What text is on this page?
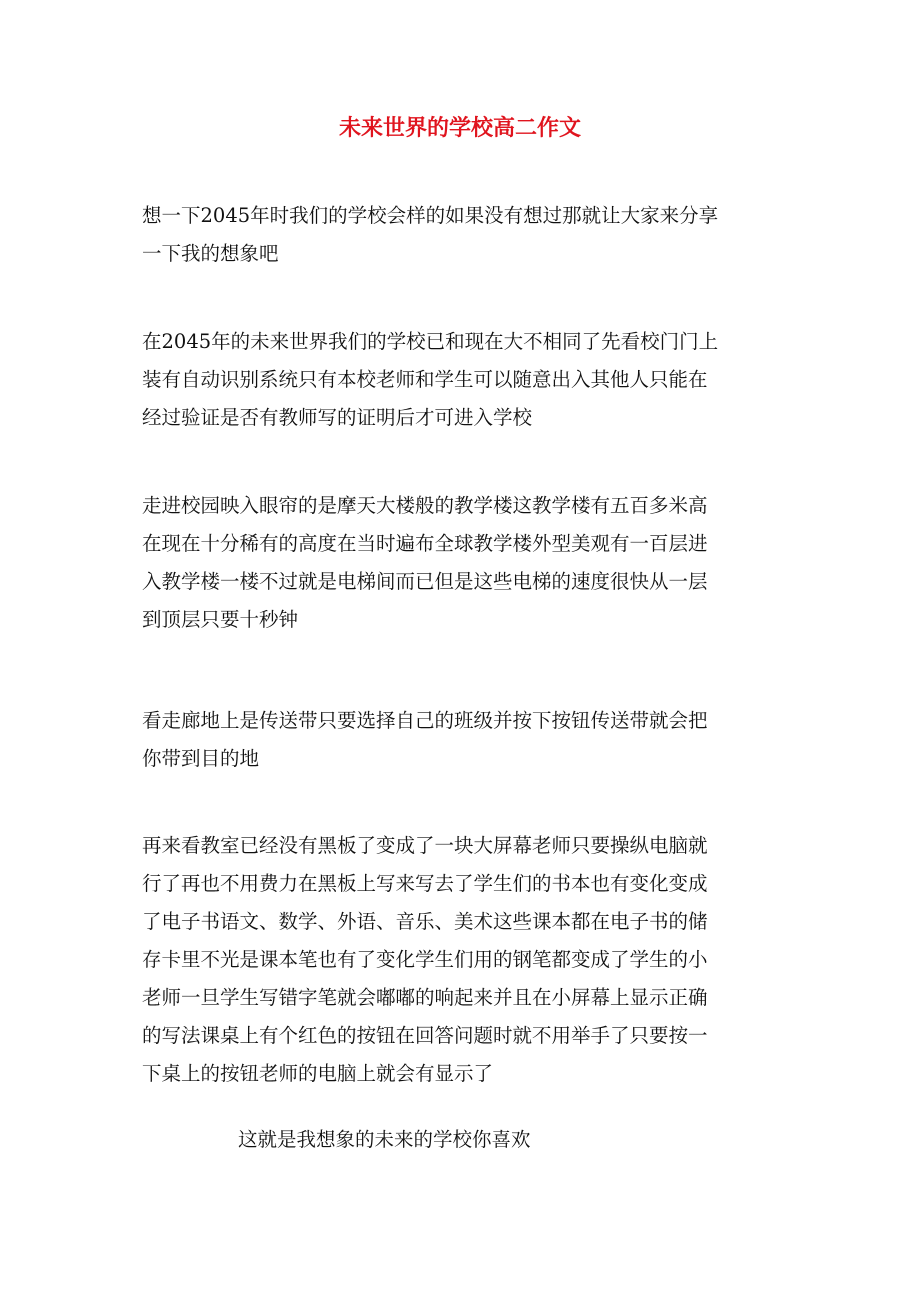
未来世界的学校高二作文

想一下2045年时我们的学校会样的如果没有想过那就让大家来分享
一下我的想象吧

在2045年的未来世界我们的学校已和现在大不相同了先看校门门上
装有自动识别系统只有本校老师和学生可以随意出入其他人只能在
经过验证是否有教师写的证明后才可进入学校

走进校园映入眼帘的是摩天大楼般的教学楼这教学楼有五百多米高
在现在十分稀有的高度在当时遍布全球教学楼外型美观有一百层进
入教学楼一楼不过就是电梯间而已但是这些电梯的速度很快从一层
到顶层只要十秒钟

看走廊地上是传送带只要选择自己的班级并按下按钮传送带就会把
你带到目的地

再来看教室已经没有黑板了变成了一块大屏幕老师只要操纵电脑就
行了再也不用费力在黑板上写来写去了学生们的书本也有变化变成
了电子书语文、数学、外语、音乐、美术这些课本都在电子书的储
存卡里不光是课本笔也有了变化学生们用的钢笔都变成了学生的小
老师一旦学生写错字笔就会嘟嘟的响起来并且在小屏幕上显示正确
的写法课桌上有个红色的按钮在回答问题时就不用举手了只要按一
下桌上的按钮老师的电脑上就会有显示了

这就是我想象的未来的学校你喜欢
